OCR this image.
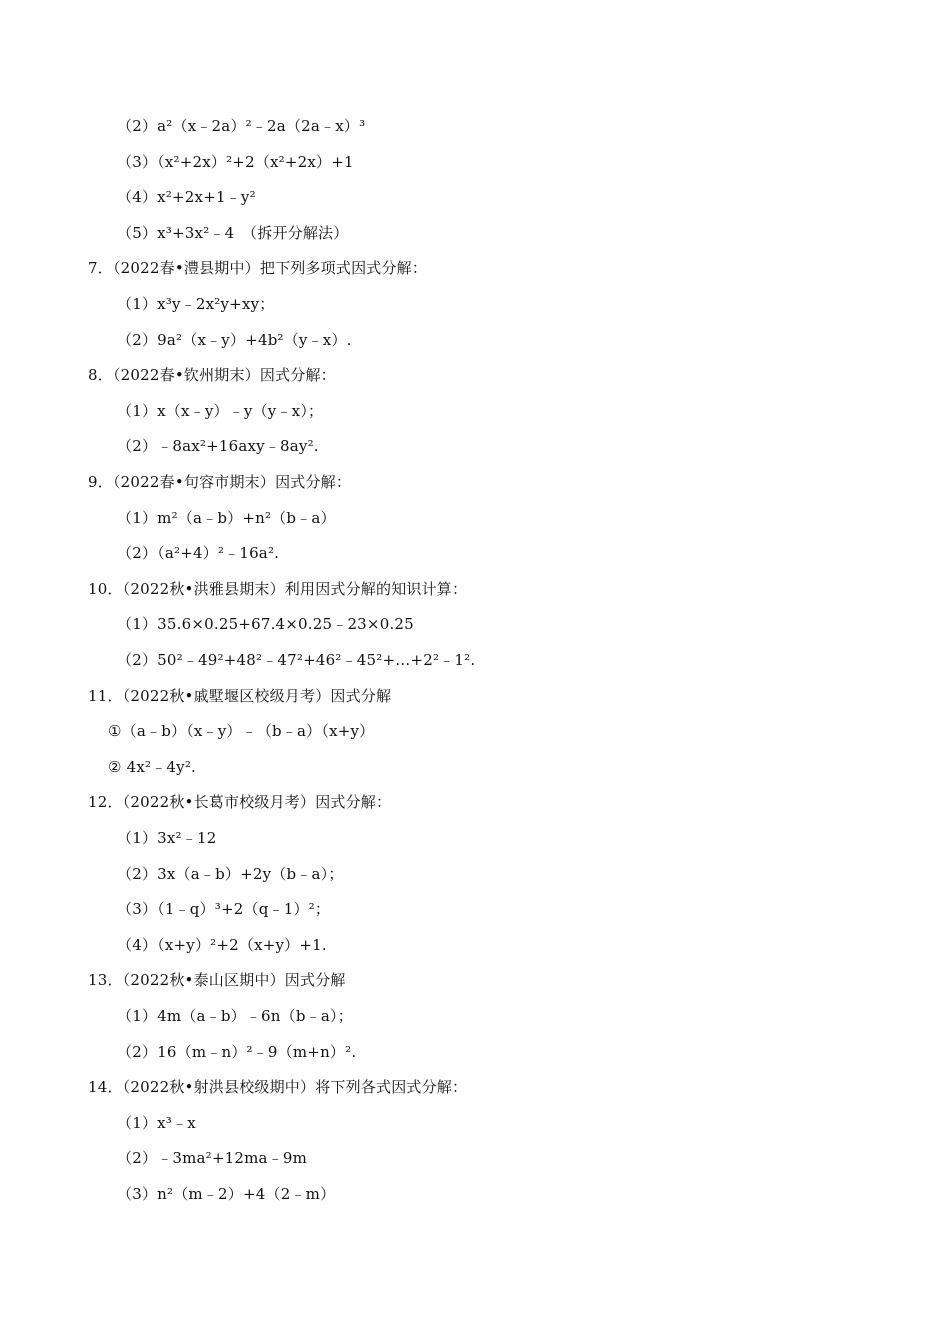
（2）a²（x﹣2a）²﹣2a（2a﹣x）³
（3）（x²+2x）²+2（x²+2x）+1
（4）x²+2x+1﹣y²
（5）x³+3x²﹣4　（拆开分解法）
7．（2022春•澧县期中）把下列多项式因式分解：
（1）x³y﹣2x²y+xy；
（2）9a²（x﹣y）+4b²（y﹣x）.
8．（2022春•钦州期末）因式分解：
（1）x（x﹣y）﹣y（y﹣x）；
（2）﹣8ax²+16axy﹣8ay².
9．（2022春•句容市期末）因式分解：
（1）m²（a﹣b）+n²（b﹣a）
（2）（a²+4）²﹣16a².
10．（2022秋•洪雅县期末）利用因式分解的知识计算：
（1）35.6×0.25+67.4×0.25﹣23×0.25
（2）50²﹣49²+48²﹣47²+46²﹣45²+…+2²﹣1².
11．（2022秋•戚墅堰区校级月考）因式分解
①（a﹣b）（x﹣y）﹣（b﹣a）（x+y）
② 4x²﹣4y².
12．（2022秋•长葛市校级月考）因式分解：
（1）3x²﹣12
（2）3x（a﹣b）+2y（b﹣a）；
（3）（1﹣q）³+2（q﹣1）²；
（4）（x+y）²+2（x+y）+1.
13．（2022秋•泰山区期中）因式分解
（1）4m（a﹣b）﹣6n（b﹣a）；
（2）16（m﹣n）²﹣9（m+n）².
14．（2022秋•射洪县校级期中）将下列各式因式分解：
（1）x³﹣x
（2）﹣3ma²+12ma﹣9m
（3）n²（m﹣2）+4（2﹣m）
